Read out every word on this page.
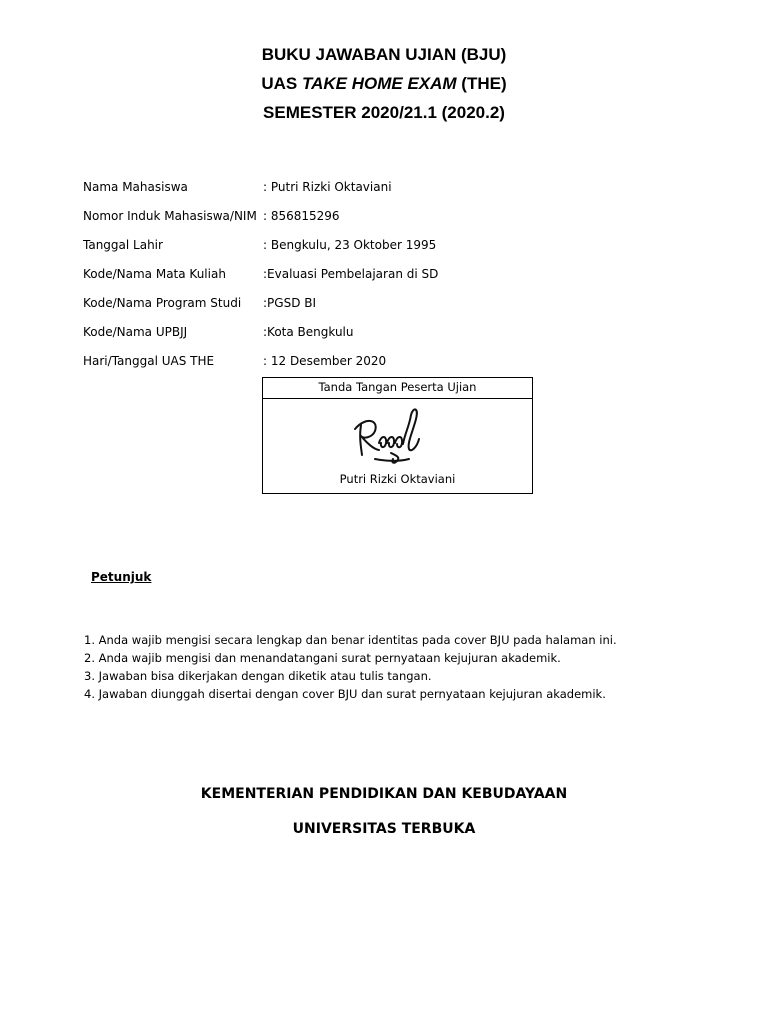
BUKU JAWABAN UJIAN (BJU)
UAS TAKE HOME EXAM (THE)
SEMESTER 2020/21.1 (2020.2)
Nama Mahasiswa	: Putri Rizki Oktaviani
Nomor Induk Mahasiswa/NIM : 856815296
Tanggal Lahir	: Bengkulu, 23 Oktober 1995
Kode/Nama Mata Kuliah	:Evaluasi Pembelajaran di SD
Kode/Nama Program Studi	:PGSD BI
Kode/Nama UPBJJ	:Kota Bengkulu
Hari/Tanggal UAS THE	: 12 Desember 2020
Tanda Tangan Peserta Ujian
Putri Rizki Oktaviani
Petunjuk
1. Anda wajib mengisi secara lengkap dan benar identitas pada cover BJU pada halaman ini.
2. Anda wajib mengisi dan menandatangani surat pernyataan kejujuran akademik.
3. Jawaban bisa dikerjakan dengan diketik atau tulis tangan.
4. Jawaban diunggah disertai dengan cover BJU dan surat pernyataan kejujuran akademik.
KEMENTERIAN PENDIDIKAN DAN KEBUDAYAAN
UNIVERSITAS TERBUKA
